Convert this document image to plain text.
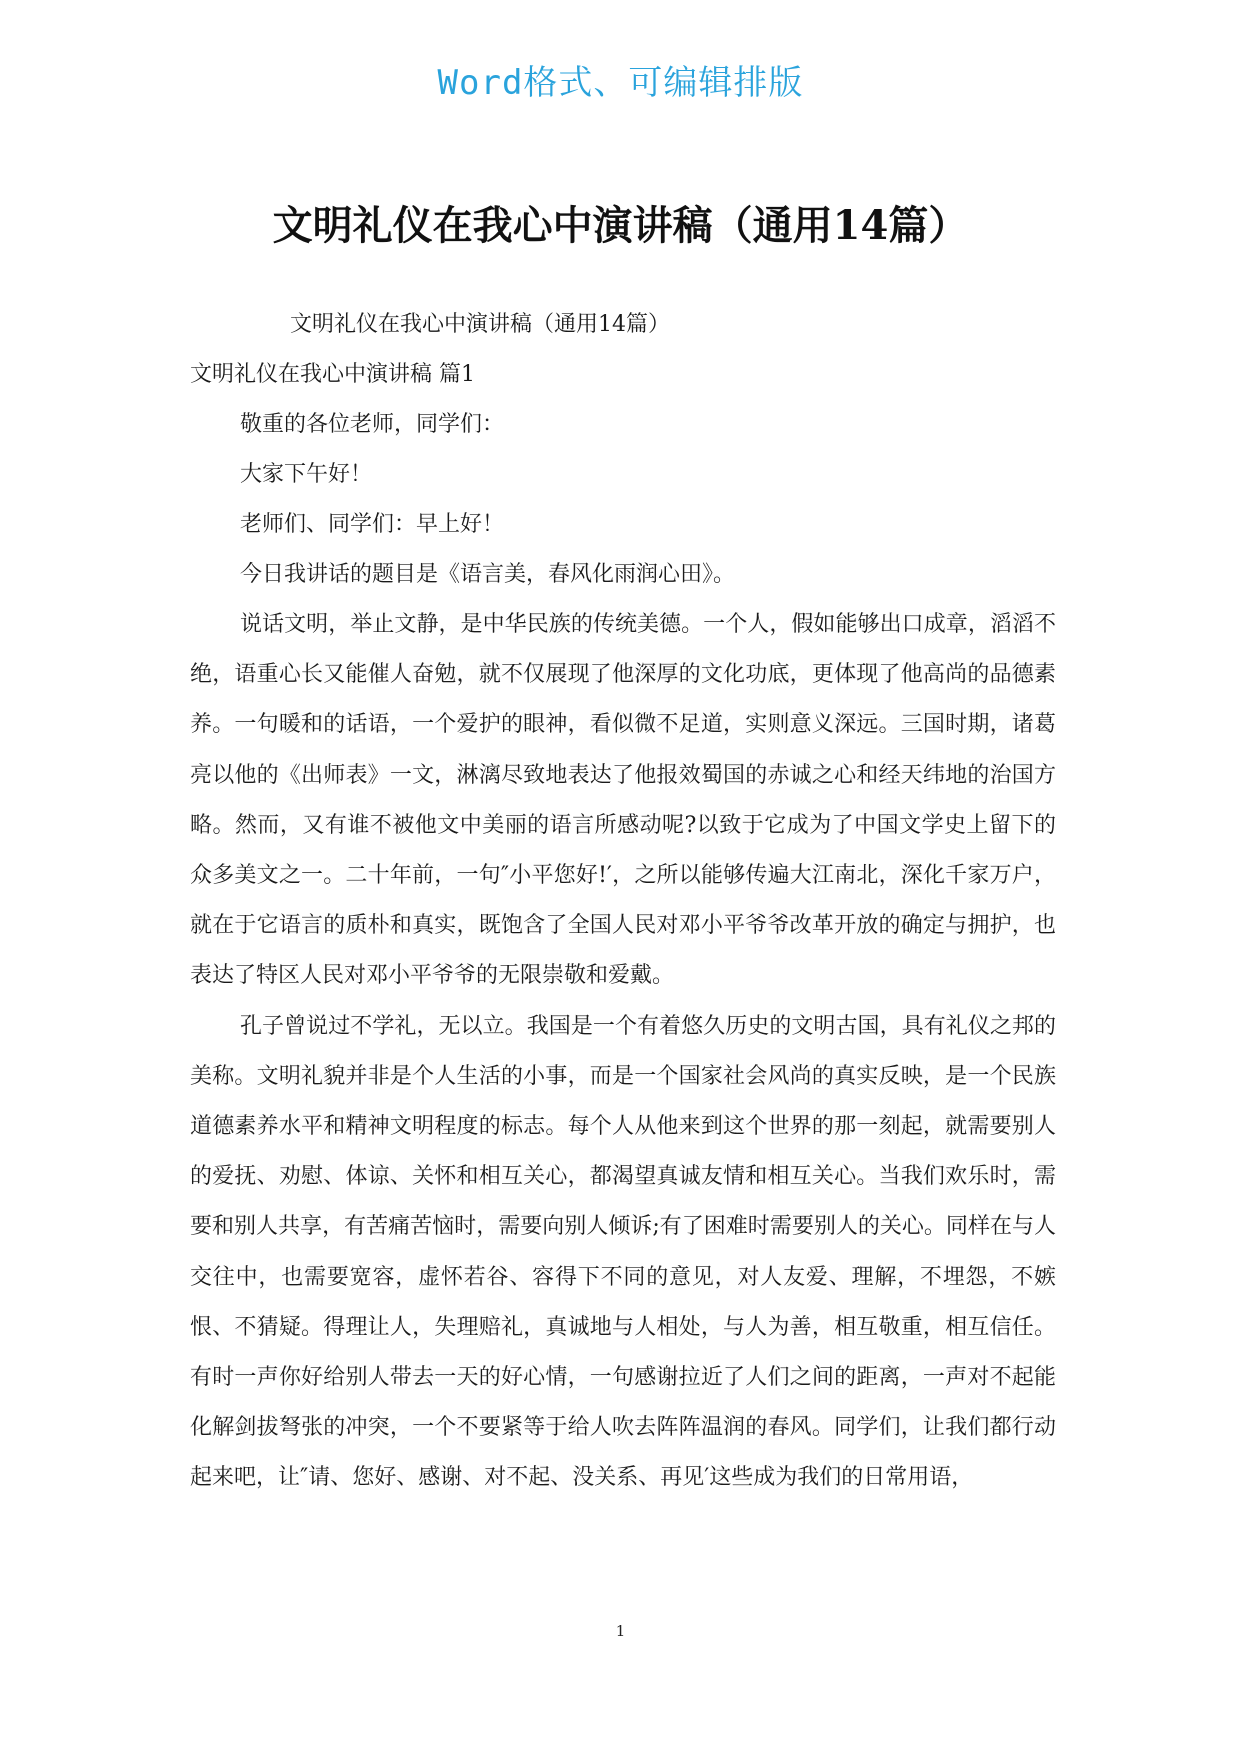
Word格式、可编辑排版
文明礼仪在我心中演讲稿（通用14篇）

文明礼仪在我心中演讲稿（通用14篇）

文明礼仪在我心中演讲稿 篇1

敬重的各位老师，同学们：

大家下午好！

老师们、同学们：早上好！

今日我讲话的题目是《语言美，春风化雨润心田》。

说话文明，举止文静，是中华民族的传统美德。一个人，假如能够出口成章，滔滔不绝，语重心长又能催人奋勉，就不仅展现了他深厚的文化功底，更体现了他高尚的品德素养。一句暖和的话语，一个爱护的眼神，看似微不足道，实则意义深远。三国时期，诸葛亮以他的《出师表》一文，淋漓尽致地表达了他报效蜀国的赤诚之心和经天纬地的治国方略。然而，又有谁不被他文中美丽的语言所感动呢?以致于它成为了中国文学史上留下的众多美文之一。二十年前，一句″小平您好!′，之所以能够传遍大江南北，深化千家万户，就在于它语言的质朴和真实，既饱含了全国人民对邓小平爷爷改革开放的确定与拥护，也表达了特区人民对邓小平爷爷的无限崇敬和爱戴。

孔子曾说过不学礼，无以立。我国是一个有着悠久历史的文明古国，具有礼仪之邦的美称。文明礼貌并非是个人生活的小事，而是一个国家社会风尚的真实反映，是一个民族道德素养水平和精神文明程度的标志。每个人从他来到这个世界的那一刻起，就需要别人的爱抚、劝慰、体谅、关怀和相互关心，都渴望真诚友情和相互关心。当我们欢乐时，需要和别人共享，有苦痛苦恼时，需要向别人倾诉;有了困难时需要别人的关心。同样在与人交往中，也需要宽容，虚怀若谷、容得下不同的意见，对人友爱、理解，不埋怨，不嫉恨、不猜疑。得理让人，失理赔礼，真诚地与人相处，与人为善，相互敬重，相互信任。有时一声你好给别人带去一天的好心情，一句感谢拉近了人们之间的距离，一声对不起能化解剑拔弩张的冲突，一个不要紧等于给人吹去阵阵温润的春风。同学们，让我们都行动起来吧，让″请、您好、感谢、对不起、没关系、再见′这些成为我们的日常用语，

1
